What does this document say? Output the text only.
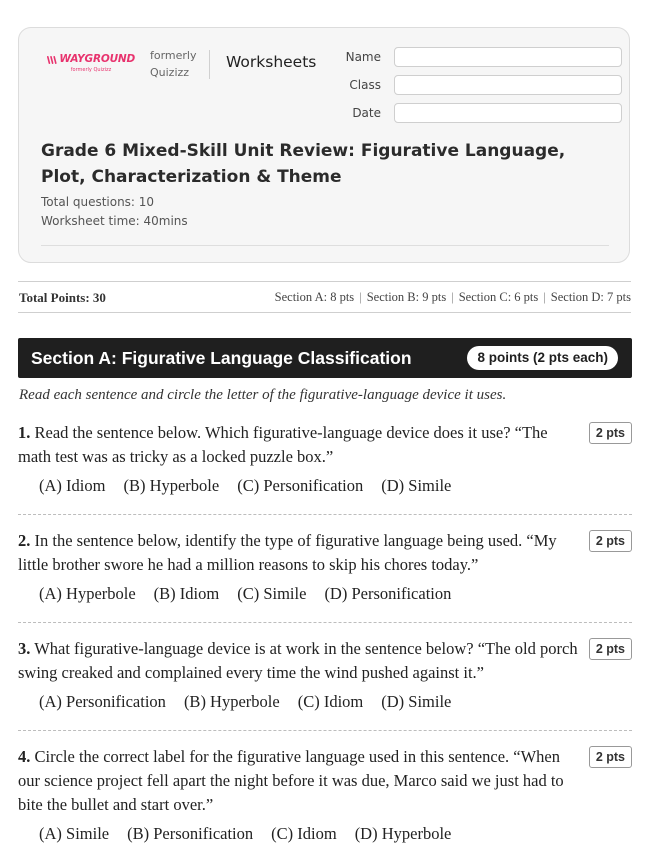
WAYGROUND
formerly Quizizz
formerly Quizizz
Worksheets Name
Class
Date
Grade 6 Mixed-Skill Unit Review: Figurative Language, Plot, Characterization & Theme
Total questions: 10
Worksheet time: 40mins
Total Points: 30	Section A: 8 pts | Section B: 9 pts | Section C: 6 pts | Section D: 7 pts
Section A: Figurative Language Classification	8 points (2 pts each)
Read each sentence and circle the letter of the figurative-language device it uses.
1. Read the sentence below. Which figurative-language device does it use? “The math test was as tricky as a locked puzzle box.”
2 pts
(A) Idiom (B) Hyperbole (C) Personification (D) Simile
2. In the sentence below, identify the type of figurative language being used. “My little brother swore he had a million reasons to skip his chores today.”
2 pts
(A) Hyperbole (B) Idiom (C) Simile (D) Personification
3. What figurative-language device is at work in the sentence below? “The old porch swing creaked and complained every time the wind pushed against it.”
2 pts
(A) Personification (B) Hyperbole (C) Idiom (D) Simile
4. Circle the correct label for the figurative language used in this sentence. “When our science project fell apart the night before it was due, Marco said we just had to bite the bullet and start over.”
2 pts
(A) Simile (B) Personification (C) Idiom (D) Hyperbole
